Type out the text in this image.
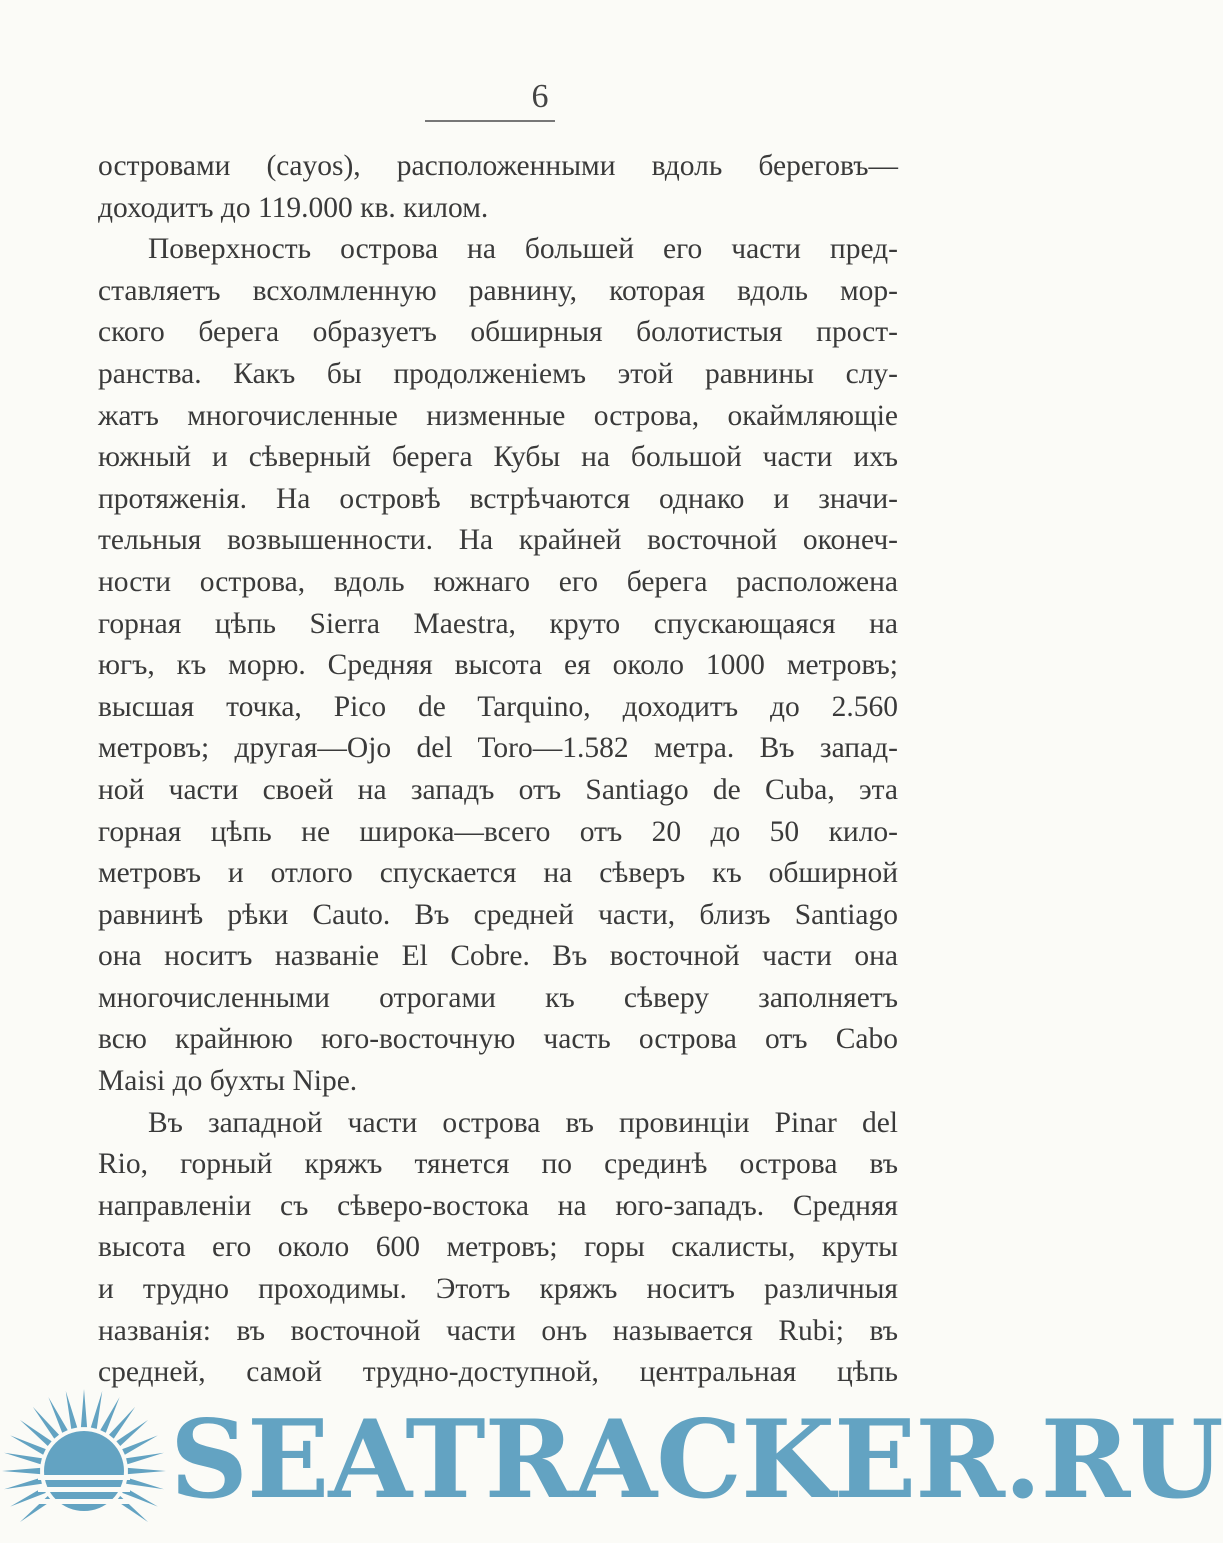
6
островами (cayos), расположенными вдоль береговъ—
доходитъ до 119.000 кв. килом.
Поверхность острова на большей его части пред-
ставляетъ всхолмленную равнину, которая вдоль мор-
ского берега образуетъ обширныя болотистыя прост-
ранства. Какъ бы продолженіемъ этой равнины слу-
жатъ многочисленные низменные острова, окаймляющіе
южный и сѣверный берега Кубы на большой части ихъ
протяженія. На островѣ встрѣчаются однако и значи-
тельныя возвышенности. На крайней восточной оконеч-
ности острова, вдоль южнаго его берега расположена
горная цѣпь Sierra Maestra, круто спускающаяся на
югъ, къ морю. Средняя высота ея около 1000 метровъ;
высшая точка, Pico de Tarquino, доходитъ до 2.560
метровъ; другая—Ojo del Toro—1.582 метра. Въ запад-
ной части своей на западъ отъ Santiago de Cuba, эта
горная цѣпь не широка—всего отъ 20 до 50 кило-
метровъ и отлого спускается на сѣверъ къ обширной
равнинѣ рѣки Cauto. Въ средней части, близъ Santiago
она носитъ названіе El Cobre. Въ восточной части она
многочисленными отрогами къ сѣверу заполняетъ
всю крайнюю юго-восточную часть острова отъ Cabo
Maisi до бухты Nipe.
Въ западной части острова въ провинціи Pinar del
Rio, горный кряжъ тянется по срединѣ острова въ
направленіи съ сѣверо-востока на юго-западъ. Средняя
высота его около 600 метровъ; горы скалисты, круты
и трудно проходимы. Этотъ кряжъ носитъ различныя
названія: въ восточной части онъ называется Rubi; въ
средней, самой трудно-доступной, центральная цѣпь
SEATRACKER.RU
